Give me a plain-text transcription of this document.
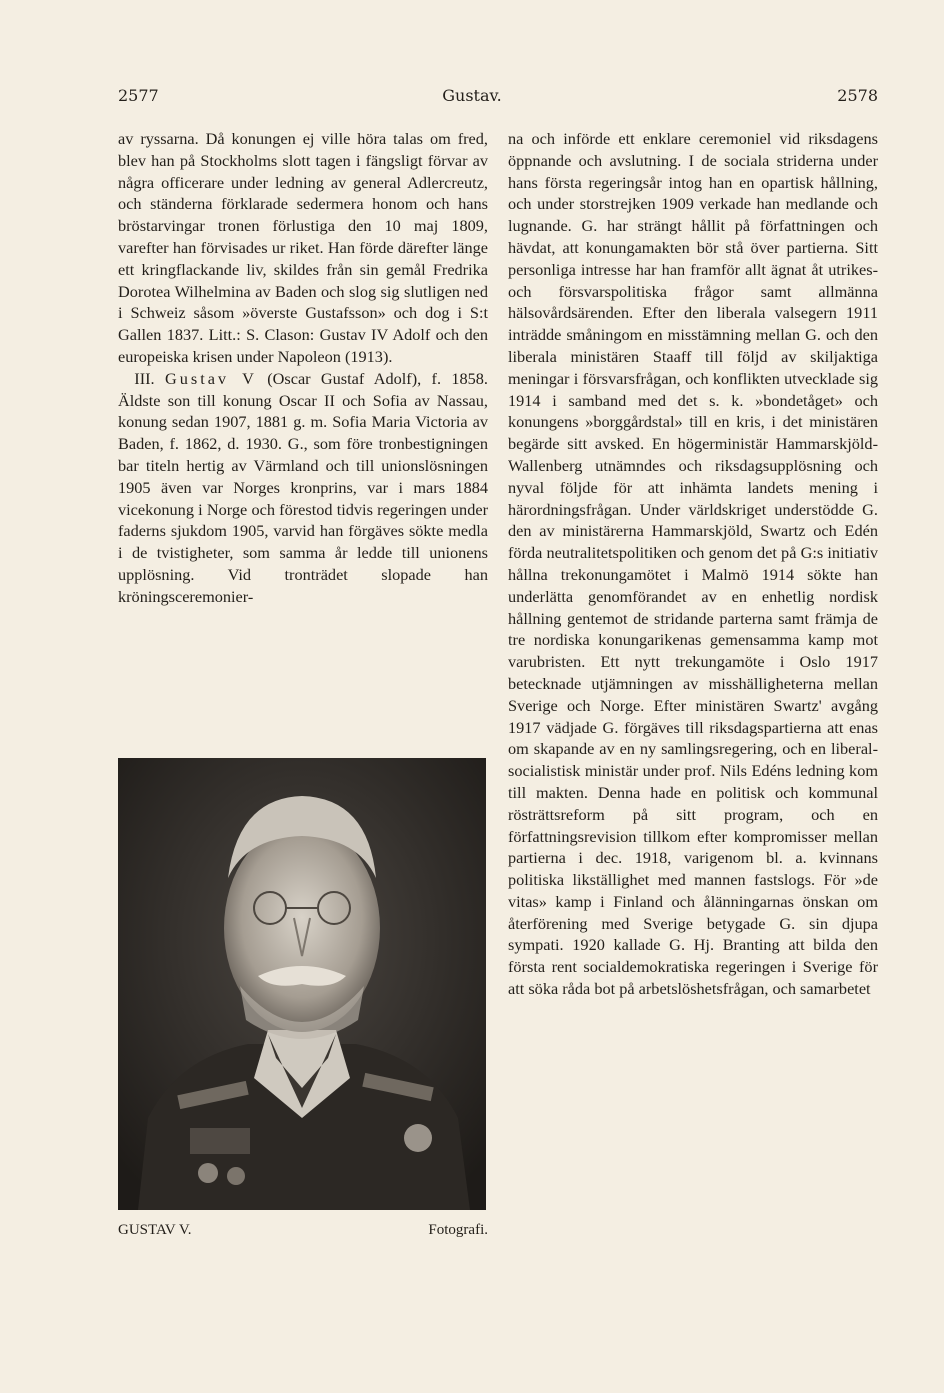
2577	Gustav.	2578

av ryssarna. Då konungen ej ville höra talas om fred, blev han på Stockholms slott tagen i fängsligt förvar av några officerare under ledning av general Adlercreutz, och ständerna förklarade sedermera honom och hans bröstarvingar tronen förlustiga den 10 maj 1809, varefter han förvisades ur riket. Han förde därefter länge ett kringflackande liv, skildes från sin gemål Fredrika Dorotea Wilhelmina av Baden och slog sig slutligen ned i Schweiz såsom »överste Gustafsson» och dog i S:t Gallen 1837. Litt.: S. Clason: Gustav IV Adolf och den europeiska krisen under Napoleon (1913).

 III. Gustav V (Oscar Gustaf Adolf), f. 1858. Äldste son till konung Oscar II och Sofia av Nassau, konung sedan 1907, 1881 g. m. Sofia Maria Victoria av Baden, f. 1862, d. 1930. G., som före tronbestigningen bar titeln hertig av Värmland och till unionslösningen 1905 även var Norges kronprins, var i mars 1884 vicekonung i Norge och förestod tidvis regeringen under faderns sjukdom 1905, varvid han förgäves sökte medla i de tvistigheter, som samma år ledde till unionens upplösning. Vid tronträdet slopade han kröningsceremonier-

GUSTAV V.	Fotografi.

na och införde ett enklare ceremoniel vid riksdagens öppnande och avslutning. I de sociala striderna under hans första regeringsår intog han en opartisk hållning, och under storstrejken 1909 verkade han medlande och lugnande. G. har strängt hållit på författningen och hävdat, att konungamakten bör stå över partierna. Sitt personliga intresse har han framför allt ägnat åt utrikes- och försvarspolitiska frågor samt allmänna hälsovårdsärenden. Efter den liberala valsegern 1911 inträdde småningom en misstämning mellan G. och den liberala ministären Staaff till följd av skiljaktiga meningar i försvarsfrågan, och konflikten utvecklade sig 1914 i samband med det s. k. »bondetåget» och konungens »borggårdstal» till en kris, i det ministären begärde sitt avsked. En högerministär Hammarskjöld-Wallenberg utnämndes och riksdagsupplösning och nyval följde för att inhämta landets mening i härordningsfrågan. Under världskriget understödde G. den av ministärerna Hammarskjöld, Swartz och Edén förda neutralitetspolitiken och genom det på G:s initiativ hållna trekonungamötet i Malmö 1914 sökte han underlätta genomförandet av en enhetlig nordisk hållning gentemot de stridande parterna samt främja de tre nordiska konungarikenas gemensamma kamp mot varubristen. Ett nytt trekungamöte i Oslo 1917 betecknade utjämningen av misshälligheterna mellan Sverige och Norge. Efter ministären Swartz' avgång 1917 vädjade G. förgäves till riksdagspartierna att enas om skapande av en ny samlingsregering, och en liberal-socialistisk ministär under prof. Nils Edéns ledning kom till makten. Denna hade en politisk och kommunal rösträttsreform på sitt program, och en författningsrevision tillkom efter kompromisser mellan partierna i dec. 1918, varigenom bl. a. kvinnans politiska likställighet med mannen fastslogs. För »de vitas» kamp i Finland och ålänningarnas önskan om återförening med Sverige betygade G. sin djupa sympati. 1920 kallade G. Hj. Branting att bilda den första rent socialdemokratiska regeringen i Sverige för att söka råda bot på arbetslöshetsfrågan, och samarbetet
